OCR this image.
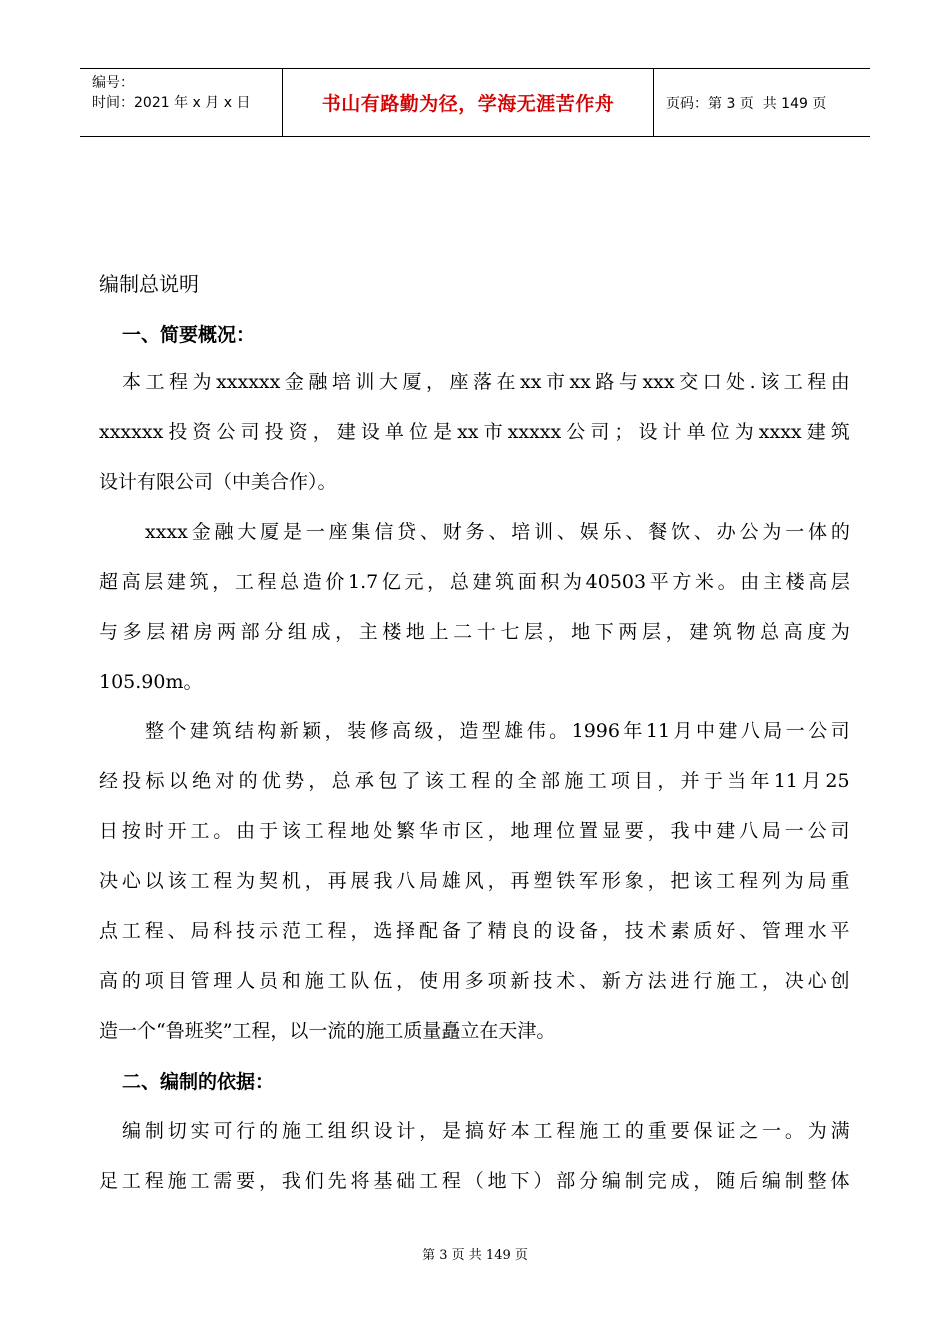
编号：
时间：2021 年 x 月 x 日	书山有路勤为径，学海无涯苦作舟	页码：第 3 页  共 149 页
编制总说明
一、简要概况：
本 工 程 为 xxxxxx 金 融 培 训 大 厦 ， 座 落 在 xx 市 xx 路 与 xxx 交 口 处 . 该 工 程 由
xxxxxx 投 资 公 司 投 资 ， 建 设 单 位 是 xx 市 xxxxx 公 司 ； 设 计 单 位 为 xxxx 建 筑
设计有限公司（中美合作）。
xxxx 金 融 大 厦 是 一 座 集 信 贷 、 财 务 、 培 训 、 娱 乐 、 餐 饮 、 办 公 为 一 体 的
超 高 层 建 筑 ， 工 程 总 造 价 1.7 亿 元 ， 总 建 筑 面 积 为 40503 平 方 米 。 由 主 楼 高 层
与 多 层 裙 房 两 部 分 组 成 ， 主 楼 地 上 二 十 七 层 ， 地 下 两 层 ， 建 筑 物 总 高 度 为
105.90m。
整 个 建 筑 结 构 新 颖 ， 装 修 高 级 ， 造 型 雄 伟 。 1996 年 11 月 中 建 八 局 一 公 司
经 投 标 以 绝 对 的 优 势 ， 总 承 包 了 该 工 程 的 全 部 施 工 项 目 ， 并 于 当 年 11 月 25
日 按 时 开 工 。 由 于 该 工 程 地 处 繁 华 市 区 ， 地 理 位 置 显 要 ， 我 中 建 八 局 一 公 司
决 心 以 该 工 程 为 契 机 ， 再 展 我 八 局 雄 风 ， 再 塑 铁 军 形 象 ， 把 该 工 程 列 为 局 重
点 工 程 、 局 科 技 示 范 工 程 ， 选 择 配 备 了 精 良 的 设 备 ， 技 术 素 质 好 、 管 理 水 平
高 的 项 目 管 理 人 员 和 施 工 队 伍 ， 使 用 多 项 新 技 术 、 新 方 法 进 行 施 工 ， 决 心 创
造一个“鲁班奖”工程，以一流的施工质量矗立在天津。
二、编制的依据：
编 制 切 实 可 行 的 施 工 组 织 设 计 ， 是 搞 好 本 工 程 施 工 的 重 要 保 证 之 一 。 为 满
足 工 程 施 工 需 要 ， 我 们 先 将 基 础 工 程 （ 地 下 ） 部 分 编 制 完 成 ， 随 后 编 制 整 体
第 3 页 共 149 页
